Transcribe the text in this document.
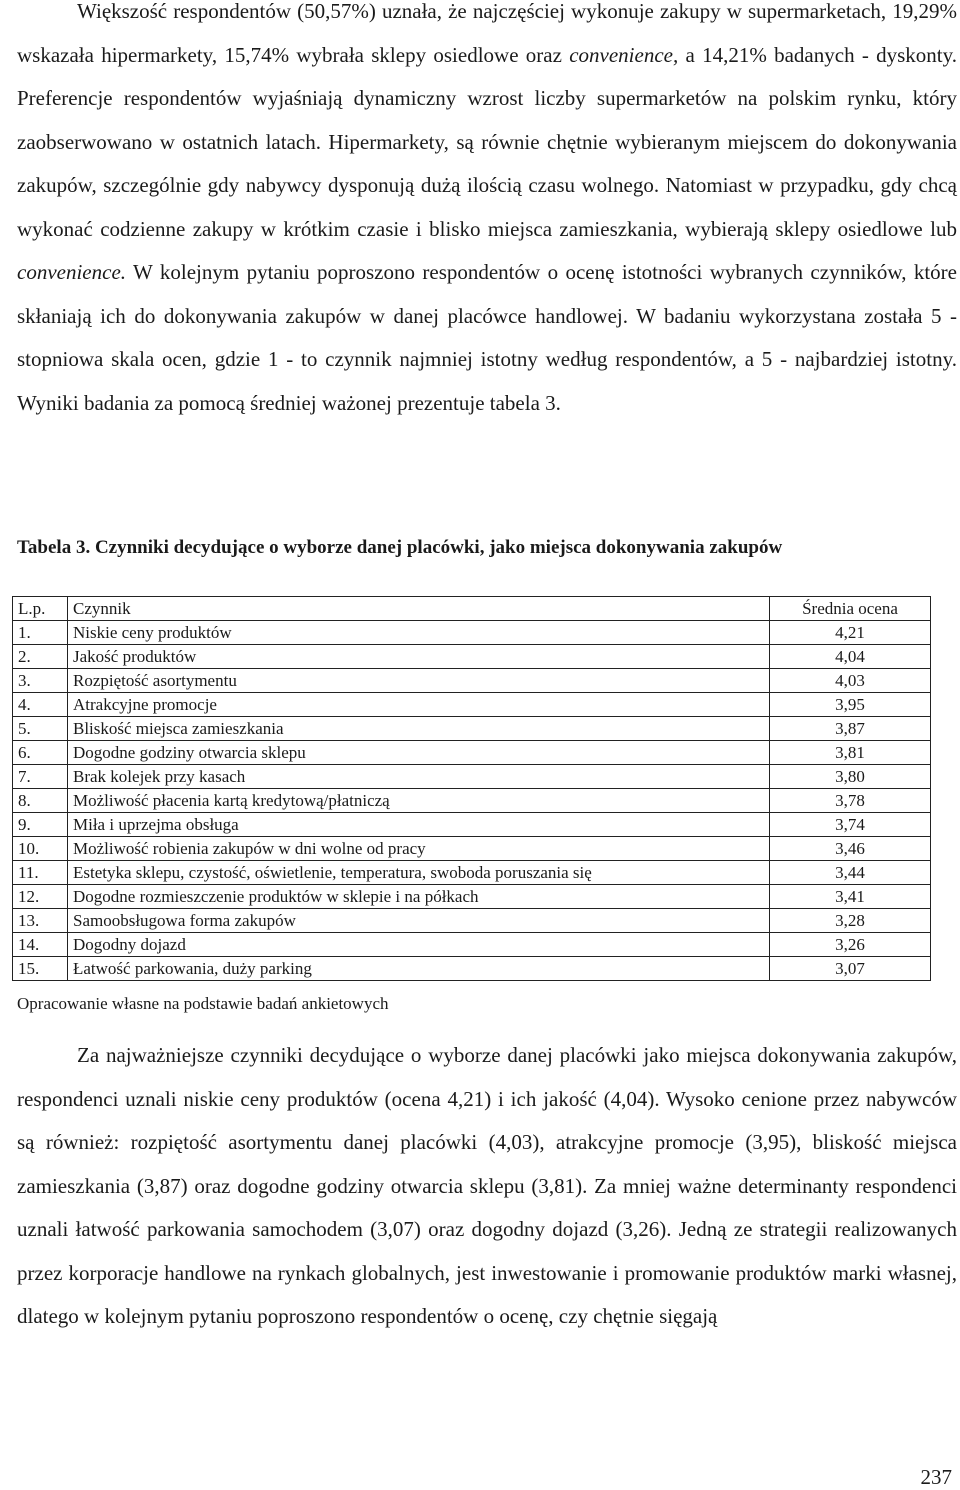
Większość respondentów (50,57%) uznała, że najczęściej wykonuje zakupy w supermarketach, 19,29% wskazała hipermarkety, 15,74% wybrała sklepy osiedlowe oraz convenience, a 14,21% badanych - dyskonty. Preferencje respondentów wyjaśniają dynamiczny wzrost liczby supermarketów na polskim rynku, który zaobserwowano w ostatnich latach. Hipermarkety, są równie chętnie wybieranym miejscem do dokonywania zakupów, szczególnie gdy nabywcy dysponują dużą ilością czasu wolnego. Natomiast w przypadku, gdy chcą wykonać codzienne zakupy w krótkim czasie i blisko miejsca zamieszkania, wybierają sklepy osiedlowe lub convenience. W kolejnym pytaniu poproszono respondentów o ocenę istotności wybranych czynników, które skłaniają ich do dokonywania zakupów w danej placówce handlowej. W badaniu wykorzystana została 5 - stopniowa skala ocen, gdzie 1 - to czynnik najmniej istotny według respondentów, a 5 - najbardziej istotny. Wyniki badania za pomocą średniej ważonej prezentuje tabela 3.

Tabela 3. Czynniki decydujące o wyborze danej placówki, jako miejsca dokonywania zakupów

L.p.	Czynnik	Średnia ocena
1.	Niskie ceny produktów	4,21
2.	Jakość produktów	4,04
3.	Rozpiętość asortymentu	4,03
4.	Atrakcyjne promocje	3,95
5.	Bliskość miejsca zamieszkania	3,87
6.	Dogodne godziny otwarcia sklepu	3,81
7.	Brak kolejek przy kasach	3,80
8.	Możliwość płacenia kartą kredytową/płatniczą	3,78
9.	Miła i uprzejma obsługa	3,74
10.	Możliwość robienia zakupów w dni wolne od pracy	3,46
11.	Estetyka sklepu, czystość, oświetlenie, temperatura, swoboda poruszania się	3,44
12.	Dogodne rozmieszczenie produktów w sklepie i na półkach	3,41
13.	Samoobsługowa forma zakupów	3,28
14.	Dogodny dojazd	3,26
15.	Łatwość parkowania, duży parking	3,07

Opracowanie własne na podstawie badań ankietowych

Za najważniejsze czynniki decydujące o wyborze danej placówki jako miejsca dokonywania zakupów, respondenci uznali niskie ceny produktów (ocena 4,21) i ich jakość (4,04). Wysoko cenione przez nabywców są również: rozpiętość asortymentu danej placówki (4,03), atrakcyjne promocje (3,95), bliskość miejsca zamieszkania (3,87) oraz dogodne godziny otwarcia sklepu (3,81). Za mniej ważne determinanty respondenci uznali łatwość parkowania samochodem (3,07) oraz dogodny dojazd (3,26). Jedną ze strategii realizowanych przez korporacje handlowe na rynkach globalnych, jest inwestowanie i promowanie produktów marki własnej, dlatego w kolejnym pytaniu poproszono respondentów o ocenę, czy chętnie sięgają

237
